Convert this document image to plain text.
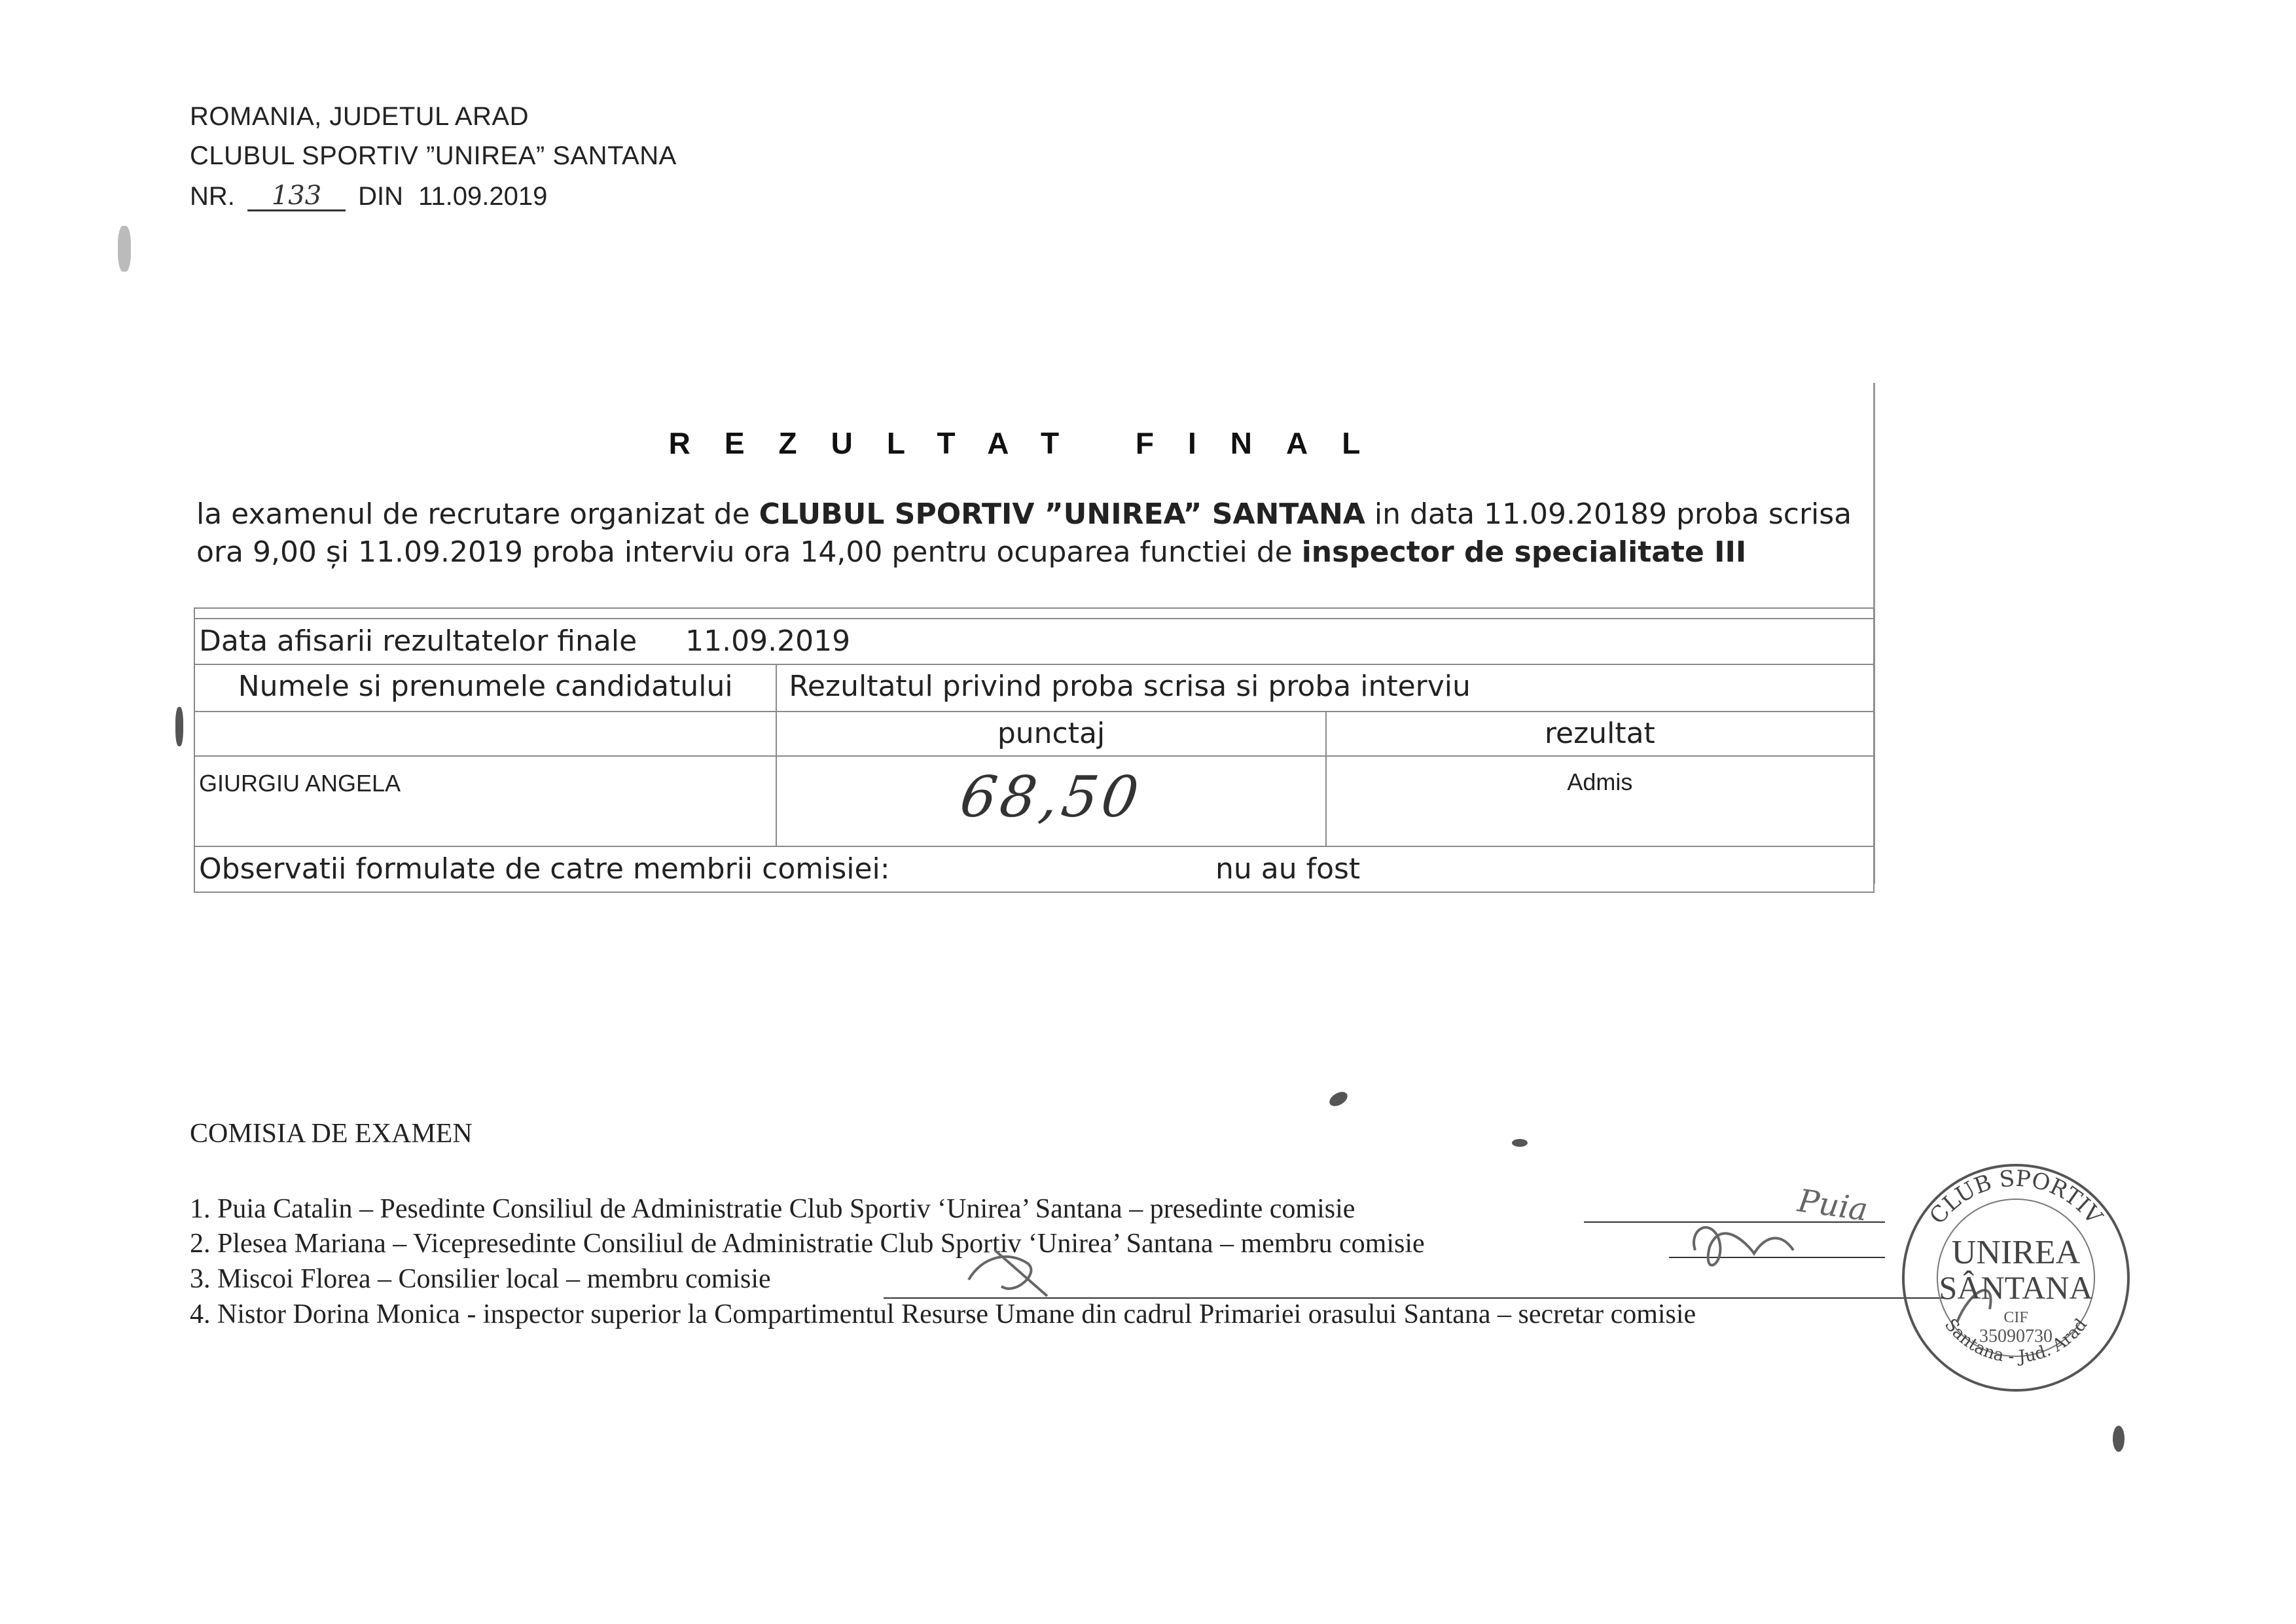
ROMANIA, JUDETUL ARAD
CLUBUL SPORTIV ”UNIREA” SANTANA
NR. 133 DIN 11.09.2019
REZULTAT FINAL
la examenul de recrutare organizat de CLUBUL SPORTIV ”UNIREA” SANTANA in data 11.09.20189 proba scrisa ora 9,00 și 11.09.2019 proba interviu ora 14,00 pentru ocuparea functiei de inspector de specialitate III

Data afisarii rezultatelor finale 11.09.2019		
Numele si prenumele candidatului	Rezultatul privind proba scrisa si proba interviu	
	punctaj	rezultat
GIURGIU ANGELA	68,50	Admis
Observatii formulate de catre membrii comisiei: nu au fost		
COMISIA DE EXAMEN
1. Puia Catalin – Pesedinte Consiliul de Administratie Club Sportiv ‘Unirea’ Santana – presedinte comisie
2. Plesea Mariana – Vicepresedinte Consiliul de Administratie Club Sportiv ‘Unirea’ Santana – membru comisie
3. Miscoi Florea – Consilier local – membru comisie
4. Nistor Dorina Monica - inspector superior la Compartimentul Resurse Umane din cadrul Primariei orasului Santana – secretar comisie
Puia CLUB SPORTIV
UNIREA
SÂNTANA
CIF
35090730
Santana - Jud. Arad
